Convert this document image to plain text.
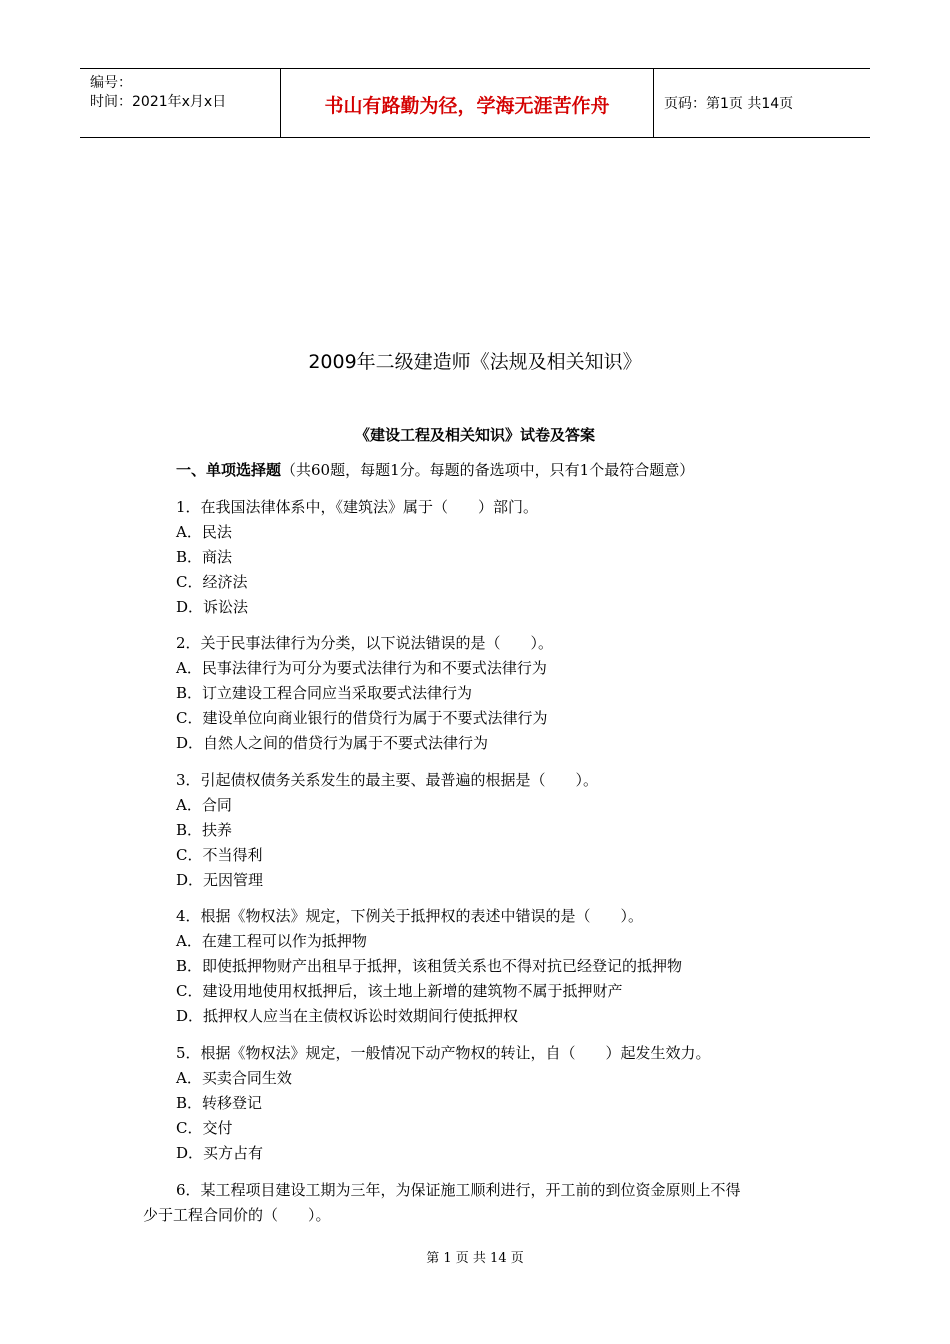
编号：
时间：2021年x月x日	书山有路勤为径，学海无涯苦作舟	页码：第1页 共14页
2009年二级建造师《法规及相关知识》
《建设工程及相关知识》试卷及答案
一、单项选择题（共60题，每题1分。每题的备选项中，只有1个最符合题意）
1．在我国法律体系中，《建筑法》属于（　　）部门。
A．民法
B．商法
C．经济法
D．诉讼法
2．关于民事法律行为分类，以下说法错误的是（　　）。
A．民事法律行为可分为要式法律行为和不要式法律行为
B．订立建设工程合同应当采取要式法律行为
C．建设单位向商业银行的借贷行为属于不要式法律行为
D．自然人之间的借贷行为属于不要式法律行为
3．引起债权债务关系发生的最主要、最普遍的根据是（　　）。
A．合同
B．扶养
C．不当得利
D．无因管理
4．根据《物权法》规定，下例关于抵押权的表述中错误的是（　　）。
A．在建工程可以作为抵押物
B．即使抵押物财产出租早于抵押，该租赁关系也不得对抗已经登记的抵押物
C．建设用地使用权抵押后，该土地上新增的建筑物不属于抵押财产
D．抵押权人应当在主债权诉讼时效期间行使抵押权
5．根据《物权法》规定，一般情况下动产物权的转让，自（　　）起发生效力。
A．买卖合同生效
B．转移登记
C．交付
D．买方占有
6．某工程项目建设工期为三年，为保证施工顺利进行，开工前的到位资金原则上不得
少于工程合同价的（　　）。
第 1 页 共 14 页
